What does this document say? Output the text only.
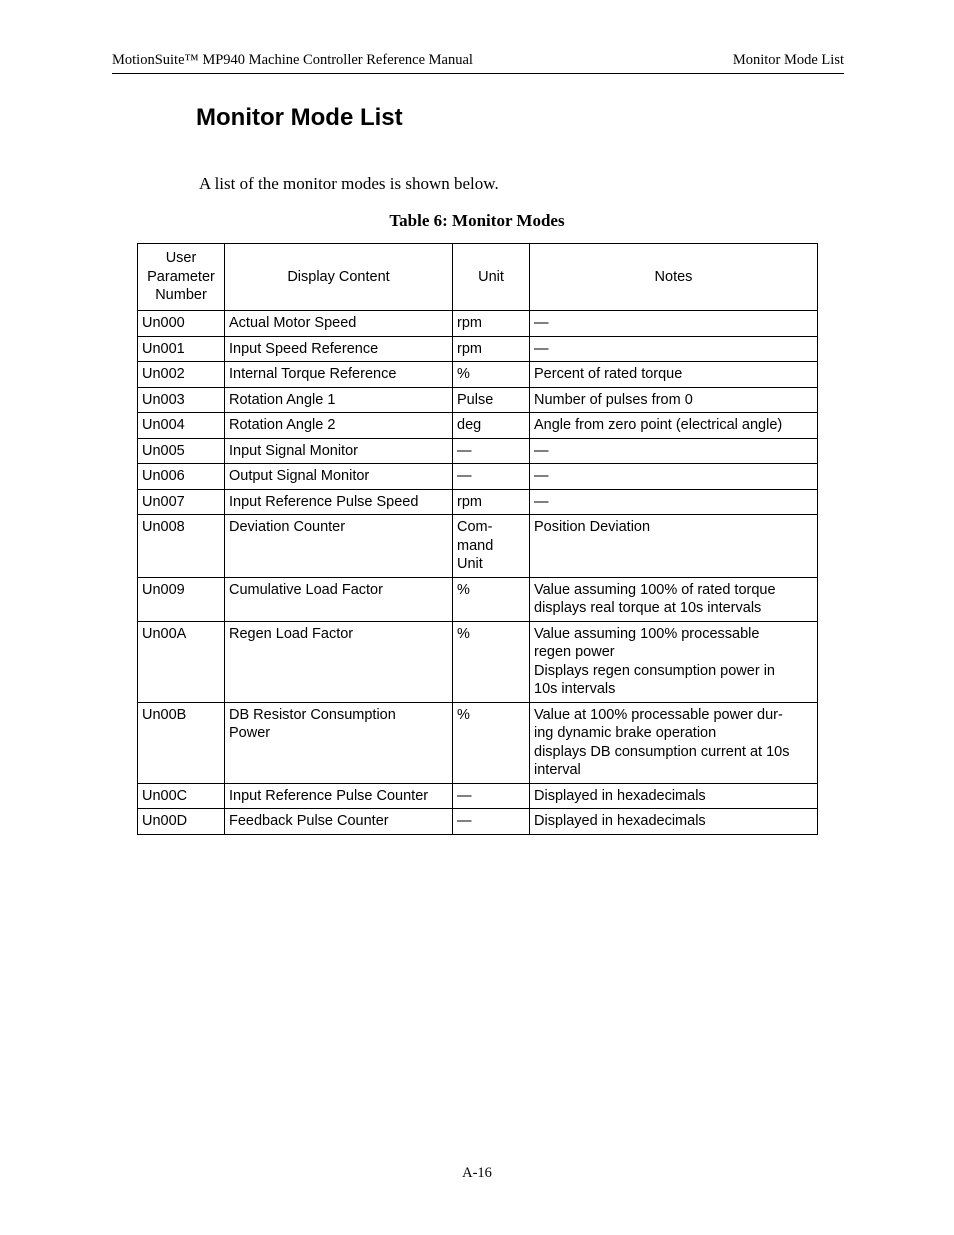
MotionSuite™ MP940 Machine Controller Reference Manual	Monitor Mode List
Monitor Mode List

A list of the monitor modes is shown below.

Table 6: Monitor Modes
User
Parameter
Number	Display Content	Unit	Notes
Un000	Actual Motor Speed	rpm	—
Un001	Input Speed Reference	rpm	—
Un002	Internal Torque Reference	%	Percent of rated torque
Un003	Rotation Angle 1	Pulse	Number of pulses from 0
Un004	Rotation Angle 2	deg	Angle from zero point (electrical angle)
Un005	Input Signal Monitor	—	—
Un006	Output Signal Monitor	—	—
Un007	Input Reference Pulse Speed	rpm	—
Un008	Deviation Counter	Com-
mand
Unit	Position Deviation
Un009	Cumulative Load Factor	%	Value assuming 100% of rated torque
displays real torque at 10s intervals
Un00A	Regen Load Factor	%	Value assuming 100% processable
regen power
Displays regen consumption power in
10s intervals
Un00B	DB Resistor Consumption
Power	%	Value at 100% processable power dur-
ing dynamic brake operation
displays DB consumption current at 10s
interval
Un00C	Input Reference Pulse Counter	—	Displayed in hexadecimals
Un00D	Feedback Pulse Counter	—	Displayed in hexadecimals
A-16
